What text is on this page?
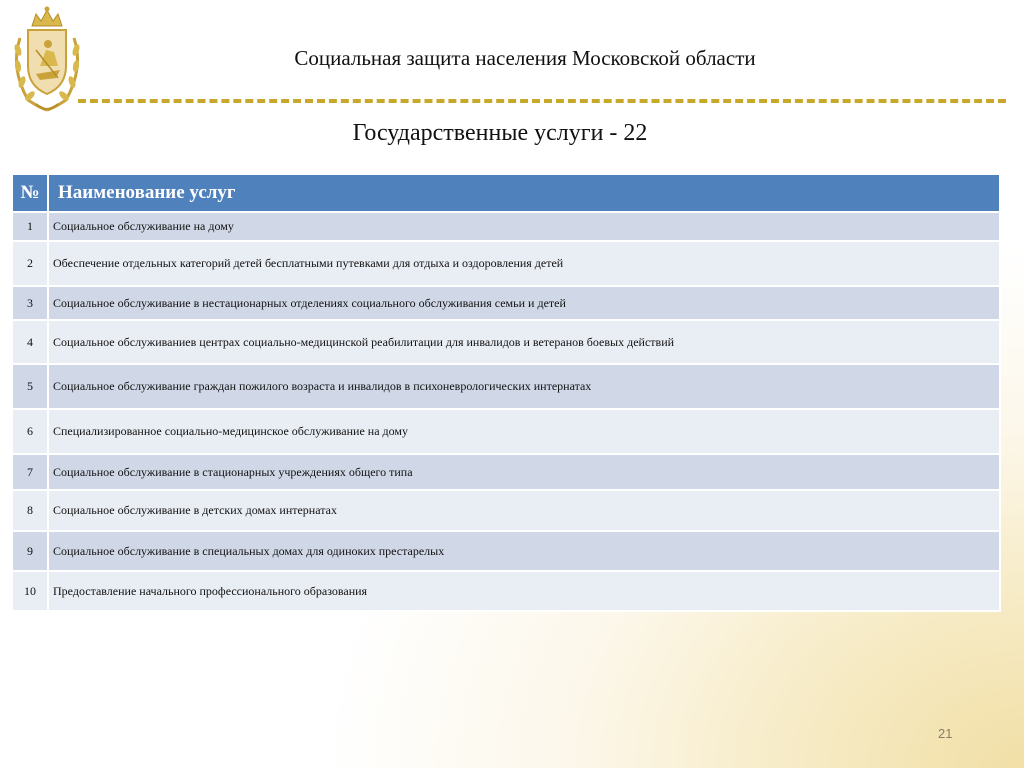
Социальная защита населения Московской области
Государственные услуги - 22
№	Наименование услуг
1	Социальное обслуживание на дому
2	Обеспечение отдельных категорий детей бесплатными путевками для отдыха и оздоровления детей
3	Социальное обслуживание в нестационарных отделениях социального обслуживания семьи и детей
4	Социальное обслуживаниев центрах социально-медицинской реабилитации для инвалидов и ветеранов боевых действий
5	Социальное обслуживание граждан пожилого возраста и инвалидов в психоневрологических интернатах
6	Специализированное социально-медицинское обслуживание на дому
7	Социальное обслуживание в стационарных учреждениях общего типа
8	Социальное обслуживание в детских домах интернатах
9	Социальное обслуживание в специальных домах для одиноких престарелых
10	Предоставление начального профессионального образования
21
